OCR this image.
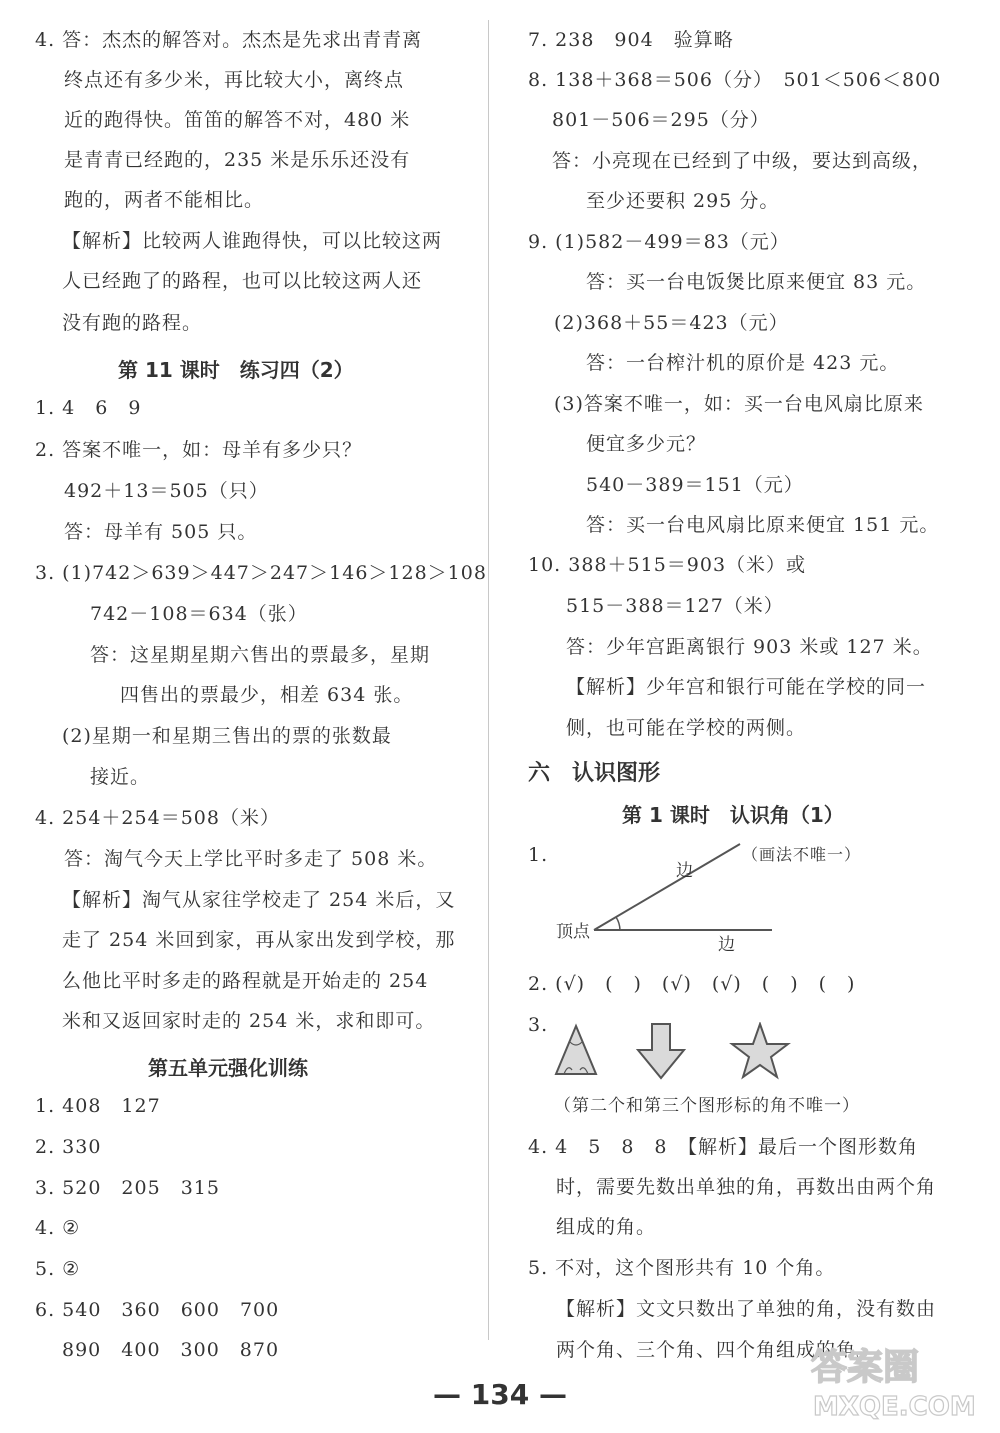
4. 答：杰杰的解答对。杰杰是先求出青青离
终点还有多少米，再比较大小，离终点
近的跑得快。笛笛的解答不对，480 米
是青青已经跑的，235 米是乐乐还没有
跑的，两者不能相比。
【解析】比较两人谁跑得快，可以比较这两
人已经跑了的路程，也可以比较这两人还
没有跑的路程。
第 11 课时　练习四（2）
1. 4　6　9
2. 答案不唯一，如：母羊有多少只？
492＋13＝505（只）
答：母羊有 505 只。
3. (1)742＞639＞447＞247＞146＞128＞108
742－108＝634（张）
答：这星期星期六售出的票最多，星期
四售出的票最少，相差 634 张。
(2)星期一和星期三售出的票的张数最
接近。
4. 254＋254＝508（米）
答：淘气今天上学比平时多走了 508 米。
【解析】淘气从家往学校走了 254 米后，又
走了 254 米回到家，再从家出发到学校，那
么他比平时多走的路程就是开始走的 254
米和又返回家时走的 254 米，求和即可。
第五单元强化训练
1. 408　127
2. 330
3. 520　205　315
4. ②
5. ②
6. 540　360　600　700
890　400　300　870
7. 238　904　验算略
8. 138＋368＝506（分）　501＜506＜800
801－506＝295（分）
答：小亮现在已经到了中级，要达到高级，
至少还要积 295 分。
9. (1)582－499＝83（元）
答：买一台电饭煲比原来便宜 83 元。
(2)368＋55＝423（元）
答：一台榨汁机的原价是 423 元。
(3)答案不唯一，如：买一台电风扇比原来
便宜多少元？
540－389＝151（元）
答：买一台电风扇比原来便宜 151 元。
10. 388＋515＝903（米）或
515－388＝127（米）
答：少年宫距离银行 903 米或 127 米。
【解析】少年宫和银行可能在学校的同一
侧，也可能在学校的两侧。
六　认识图形
第 1 课时　认识角（1）
1.	（画法不唯一）
边
顶点
边
2. (√)　(　)　(√)　(√)　(　)　(　)
3.
（第二个和第三个图形标的角不唯一）
4. 4　5　8　8　【解析】最后一个图形数角
时，需要先数出单独的角，再数出由两个角
组成的角。
5. 不对，这个图形共有 10 个角。
【解析】文文只数出了单独的角，没有数由
两个角、三个角、四个角组成的角。
— 134 —
答案圈
MXQE.COM
